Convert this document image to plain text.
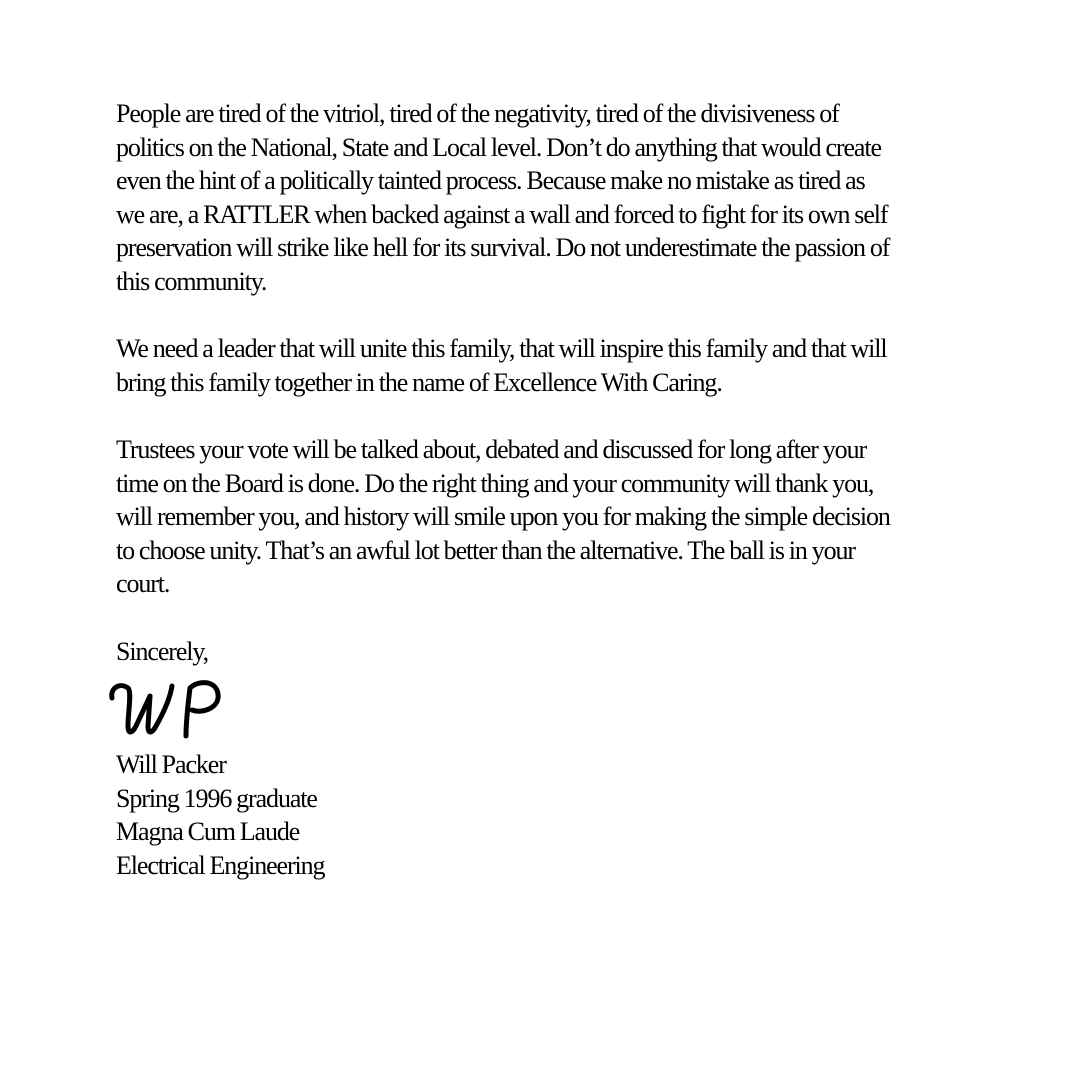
People are tired of the vitriol, tired of the negativity, tired of the divisiveness of
politics on the National, State and Local level. Don’t do anything that would create
even the hint of a politically tainted process. Because make no mistake as tired as
we are, a RATTLER when backed against a wall and forced to fight for its own self
preservation will strike like hell for its survival. Do not underestimate the passion of
this community.

We need a leader that will unite this family, that will inspire this family and that will
bring this family together in the name of Excellence With Caring.

Trustees your vote will be talked about, debated and discussed for long after your
time on the Board is done. Do the right thing and your community will thank you,
will remember you, and history will smile upon you for making the simple decision
to choose unity. That’s an awful lot better than the alternative. The ball is in your
court.

Sincerely,

Will Packer
Spring 1996 graduate
Magna Cum Laude
Electrical Engineering
